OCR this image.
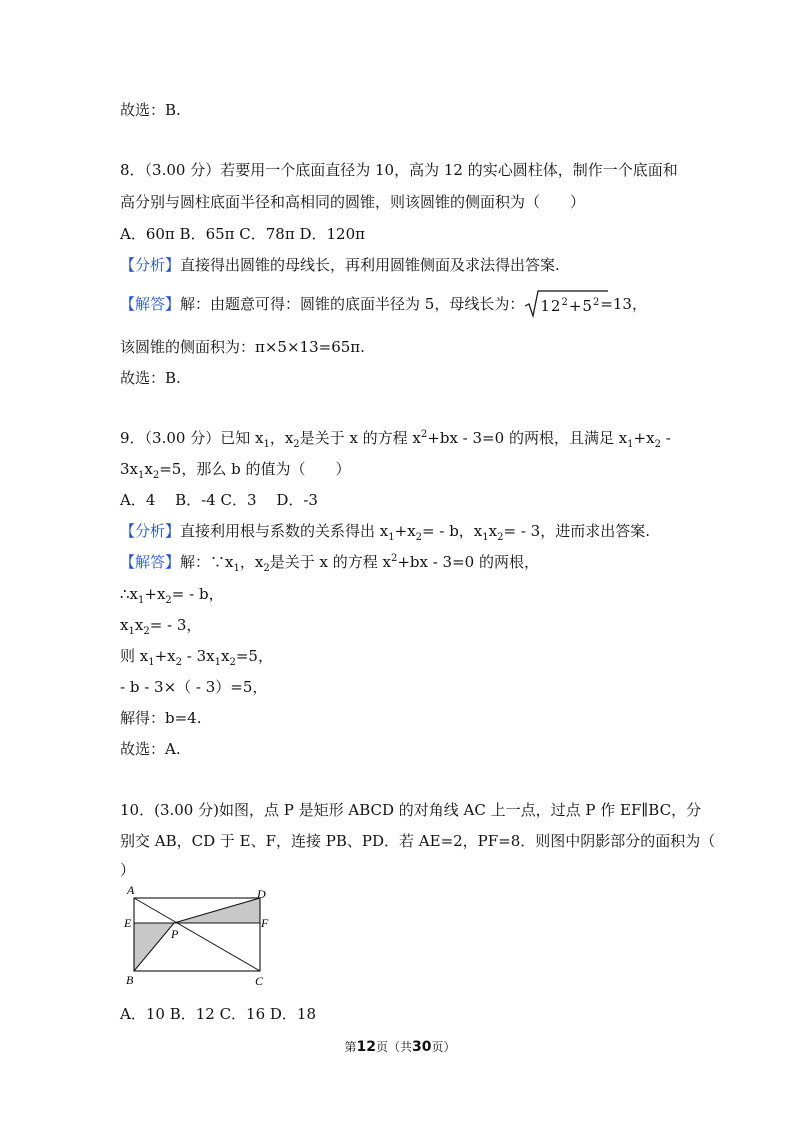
故选：B.
8．（3.00 分）若要用一个底面直径为 10，高为 12 的实心圆柱体，制作一个底面和
高分别与圆柱底面半径和高相同的圆锥，则该圆锥的侧面积为（　　）
A．60π B．65π C．78π D．120π
【分析】直接得出圆锥的母线长，再利用圆锥侧面及求法得出答案.
【解答】解：由题意可得：圆锥的底面半径为 5，母线长为： $12^2+5^2=13$，
该圆锥的侧面积为：π×5×13=65π.
故选：B.
9．（3.00 分）已知 $x_1$，$x_2$是关于 x 的方程 $x^2+bx$ ‐ 3=0 的两根，且满足 $x_1+x_2$ ‐
$3x_1x_2=5$，那么 b 的值为（　　）
A．4　 B．‐4 C．3　 D．‐3
【分析】直接利用根与系数的关系得出 $x_1+x_2=$ ‐ b，$x_1x_2=$ ‐ 3，进而求出答案.
【解答】解：$\because x_1$，$x_2$是关于 x 的方程 $x^2+bx$ ‐ 3=0 的两根，
$\therefore x_1+x_2=$ ‐ b，
$x_1x_2=$ ‐ 3，
则 $x_1+x_2$ ‐ $3x_1x_2=5$，
‐ b ‐ 3×（ ‐ 3）=5，
解得：b=4.
故选：A.
10．(3.00 分)如图，点 P 是矩形 ABCD 的对角线 AC 上一点，过点 P 作 EF∥BC，分
别交 AB，CD 于 E、F，连接 PB、PD．若 AE=2，PF=8．则图中阴影部分的面积为（
）
A
E
B
D
F
C
P
A．10 B．12 C．16 D．18
第12页（共30页）
